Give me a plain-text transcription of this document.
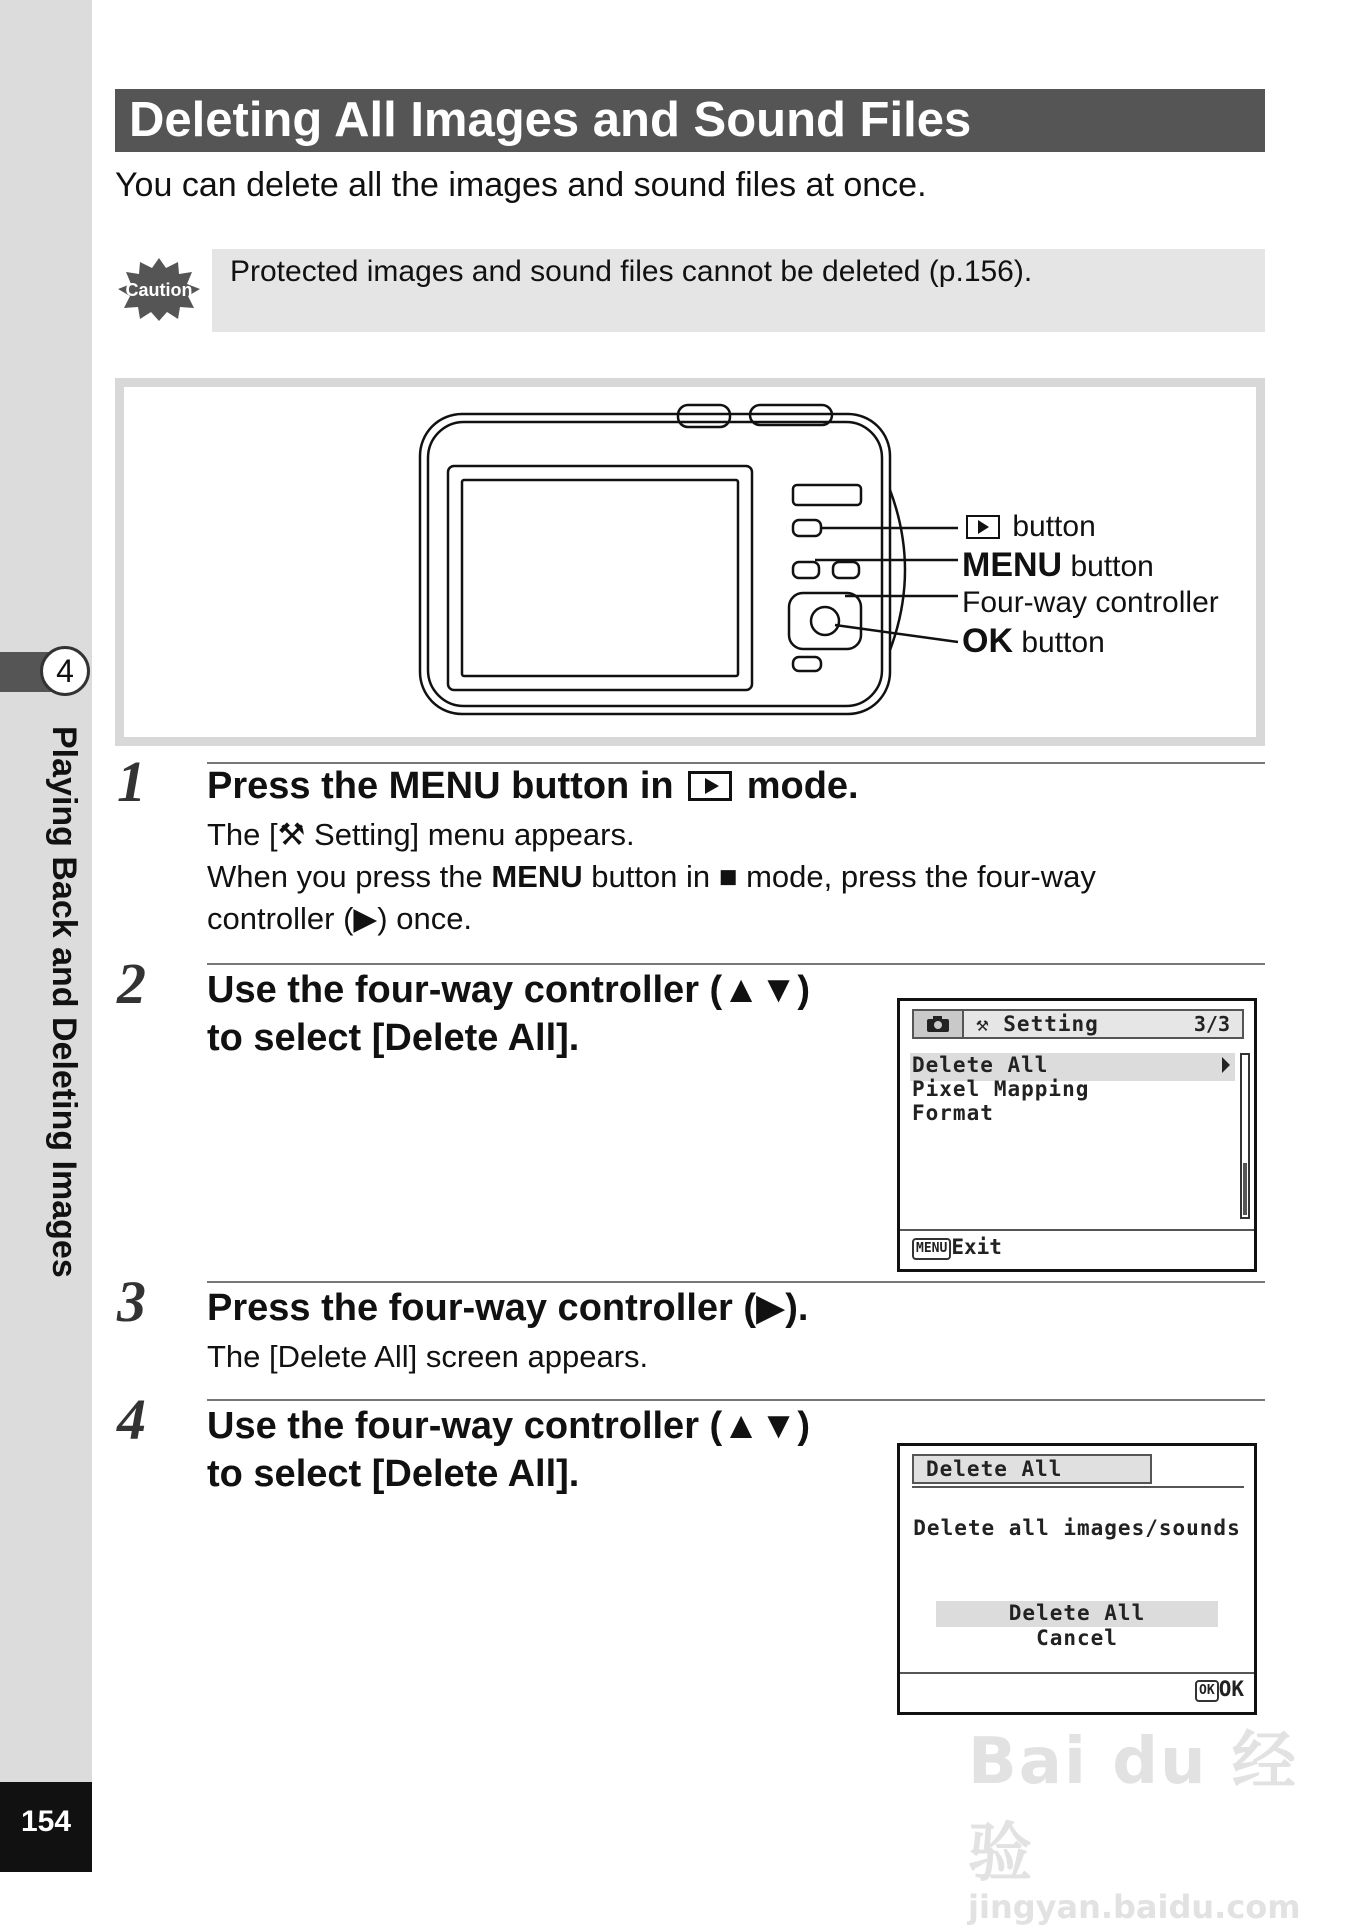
4
Playing Back and Deleting Images
154
Deleting All Images and Sound Files
You can delete all the images and sound files at once.
Caution
Protected images and sound files cannot be deleted (p.156).
button
MENU button
Four-way controller
OK button
1 Press the MENU button in  mode.
The [⚒ Setting] menu appears.
When you press the MENU button in ■ mode, press the four-way
controller (▶) once.
2 Use the four-way controller (▲▼)
to select [Delete All].	⚒ Setting	3/3
Delete All
Pixel Mapping
Format
MENU Exit
3 Press the four-way controller (▶).
The [Delete All] screen appears.
4 Use the four-way controller (▲▼)
to select [Delete All].	Delete All
Delete all images/sounds
Delete All
Cancel
OK OK
Bai du 经验
jingyan.baidu.com
